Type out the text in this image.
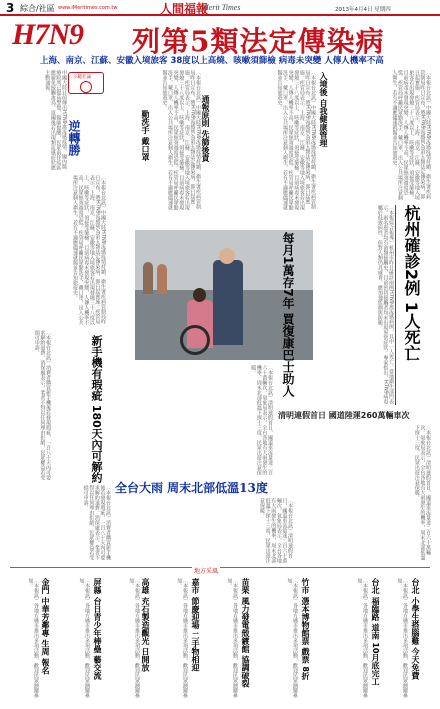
3 綜合/社區 www.iMeritimes.com.tw	人間福報
Merit Times	2013年4月4日 星期四
H7N9 列第5類法定傳染病
上海、南京、江蘇、安徽入境旅客 38度以上高燒、咳嗽須篩檢 病毒未突變 人傳人機率不高
示範社論
中國大陸日前傳出H7N9禽流感疫情，國內醫療院所已提高警覺。醫師提醒，民眾前往疫區應避免接觸禽鳥，返國後若出現類流感症狀應主動通報。
逆轉勝
〔本報台北訊〕中國大陸H7N9流感疫情持續，衛生署疾病管制局昨日宣布，將H7N9流感列為第五類法定傳染病，即日起實施。疾管局表示，上海、南京、江蘇、安徽等地入境旅客若出現發燒三十八度以上、咳嗽等症狀，須接受篩檢。目前病毒未發現突變，人傳人機率不高，民眾無須過度恐慌。疾管局呼籲民眾勤洗手、戴口罩，出入公共場所注意個人衛生，若有不適應儘速就醫並告知旅遊史。
〔本報台北訊〕中國大陸H7N9流感疫情持續，衛生署疾病管制局昨日宣布，將H7N9流感列為第五類法定傳染病，即日起實施。疾管局表示，上海、南京、江蘇、安徽等地入境旅客若出現發燒三十八度以上、咳嗽等症狀，須接受篩檢。目前病毒未發現突變，人傳人機率不高，民眾無須過度恐慌。疾管局呼籲民眾勤洗手、戴口罩，出入公共場所注意個人衛生，若有不適應儘速就醫並告知旅遊史。
通報原則 先篩後責
勤洗手 戴口罩	〔本報台北訊〕中國大陸H7N9流感疫情持續，衛生署疾病管制局昨日宣布，將H7N9流感列為第五類法定傳染病，即日起實施。疾管局表示，上海、南京、江蘇、安徽等地入境旅客若出現發燒三十八度以上、咳嗽等症狀，須接受篩檢。目前病毒未發現突變，人傳人機率不高，民眾無須過度恐慌。疾管局呼籲民眾勤洗手、戴口罩，出入公共場所注意個人衛生，若有不適應儘速就醫並告知旅遊史。	入境後 自我健康管理	〔本報台北訊〕中國大陸H7N9流感疫情持續，衛生署疾病管制局昨日宣布，將H7N9流感列為第五類法定傳染病，即日起實施。疾管局表示，上海、南京、江蘇、安徽等地入境旅客若出現發燒三十八度以上、咳嗽等症狀，須接受篩檢。目前病毒未發現突變，人傳人機率不高，民眾無須過度恐慌。疾管局呼籲民眾勤洗手、戴口罩，出入公共場所注意個人衛生，若有不適應儘速就醫並告知旅遊史。
每月1萬存7年 買復康巴士助人	杭州確診2例 1人死亡
〔本報綜合報導〕杭州市昨日確診兩例H7N9禽流感病例，其中一人死亡。當地衛生部門表示，兩名患者均有禽類接觸史，目前密切接觸者均未出現異常症狀。專家指出，H7N9病毒屬於低致病性，但對人類仍具威脅，應加強監測與防範。
清明連假首日 國道陸運260萬輛車次
〔本報台北訊〕清明連假首日，國道車流量達二百六十萬輛次。氣象局表示，全台各地有大雨發生的機率，周末北部低溫下探十三度，民眾出遊注意保暖。
〔本報台北訊〕消費者購買新手機後若發現瑕疵，一百八十天內可要求解約退費。消保處表示，業者不得以任何理由拒絕，民眾權益若受損可申訴。	新手機有瑕疵 180天內可解約
〔本報台北訊〕消費者購買新手機後若發現瑕疵，一百八十天內可要求解約退費。消保處表示，業者不得以任何理由拒絕，民眾權益若受損可申訴。
〔本報台北訊〕清明連假首日，國道車流量達二百六十萬輛次。氣象局表示，全台各地有大雨發生的機率，周末北部低溫下探十三度，民眾出遊注意保暖。
全台大雨 周末北部低溫13度
〔本報台北訊〕清明連假首日，國道車流量達二百六十萬輛次。氣象局表示，全台各地有大雨發生的機率，周末北部低溫下探十三度，民眾出遊注意保暖。
地方采風
台北 小學生搭腦雞 今天免費
台北 福臨路 道南 10月底完工
竹市 憑本博物館票 戲票 8折
苗栗 風力發電殼鍍館 協調破裂
嘉市 節慶迎場 二手物相迎
高雄 充石製造觀光 日開放
屏縣 台日青少年棒壘 藝交流
金門 中華芳鄰專 生周 報名	〔本報訊〕各地方縣市推出多項活動，歡迎民眾踴躍參加。
〔本報訊〕各地方縣市推出多項活動，歡迎民眾踴躍參加。
〔本報訊〕各地方縣市推出多項活動，歡迎民眾踴躍參加。
〔本報訊〕各地方縣市推出多項活動，歡迎民眾踴躍參加。
〔本報訊〕各地方縣市推出多項活動，歡迎民眾踴躍參加。
〔本報訊〕各地方縣市推出多項活動，歡迎民眾踴躍參加。
〔本報訊〕各地方縣市推出多項活動，歡迎民眾踴躍參加。
〔本報訊〕各地方縣市推出多項活動，歡迎民眾踴躍參加。
